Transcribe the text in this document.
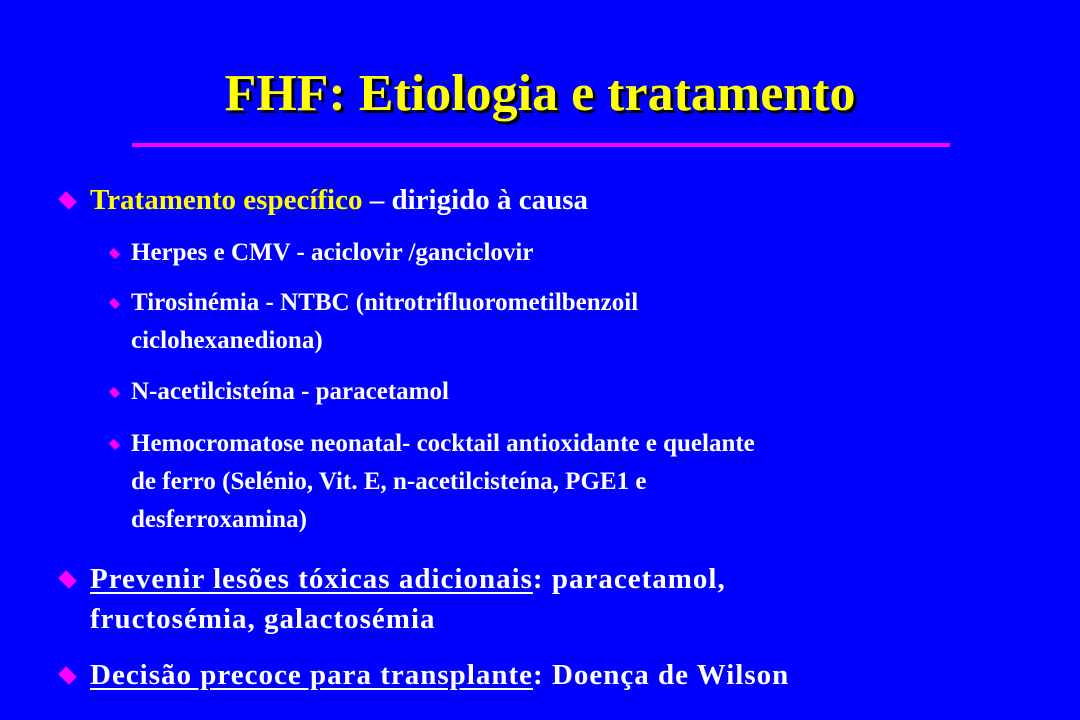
FHF: Etiologia e tratamento
Tratamento específico – dirigido à causa
Herpes e CMV - aciclovir /ganciclovir
Tirosinémia - NTBC (nitrotrifluorometilbenzoil
ciclohexanediona)
N-acetilcisteína - paracetamol
Hemocromatose neonatal- cocktail antioxidante e quelante
de ferro (Selénio, Vit. E, n-acetilcisteína, PGE1 e
desferroxamina)
Prevenir lesões tóxicas adicionais: paracetamol,
fructosémia, galactosémia
Decisão precoce para transplante: Doença de Wilson
